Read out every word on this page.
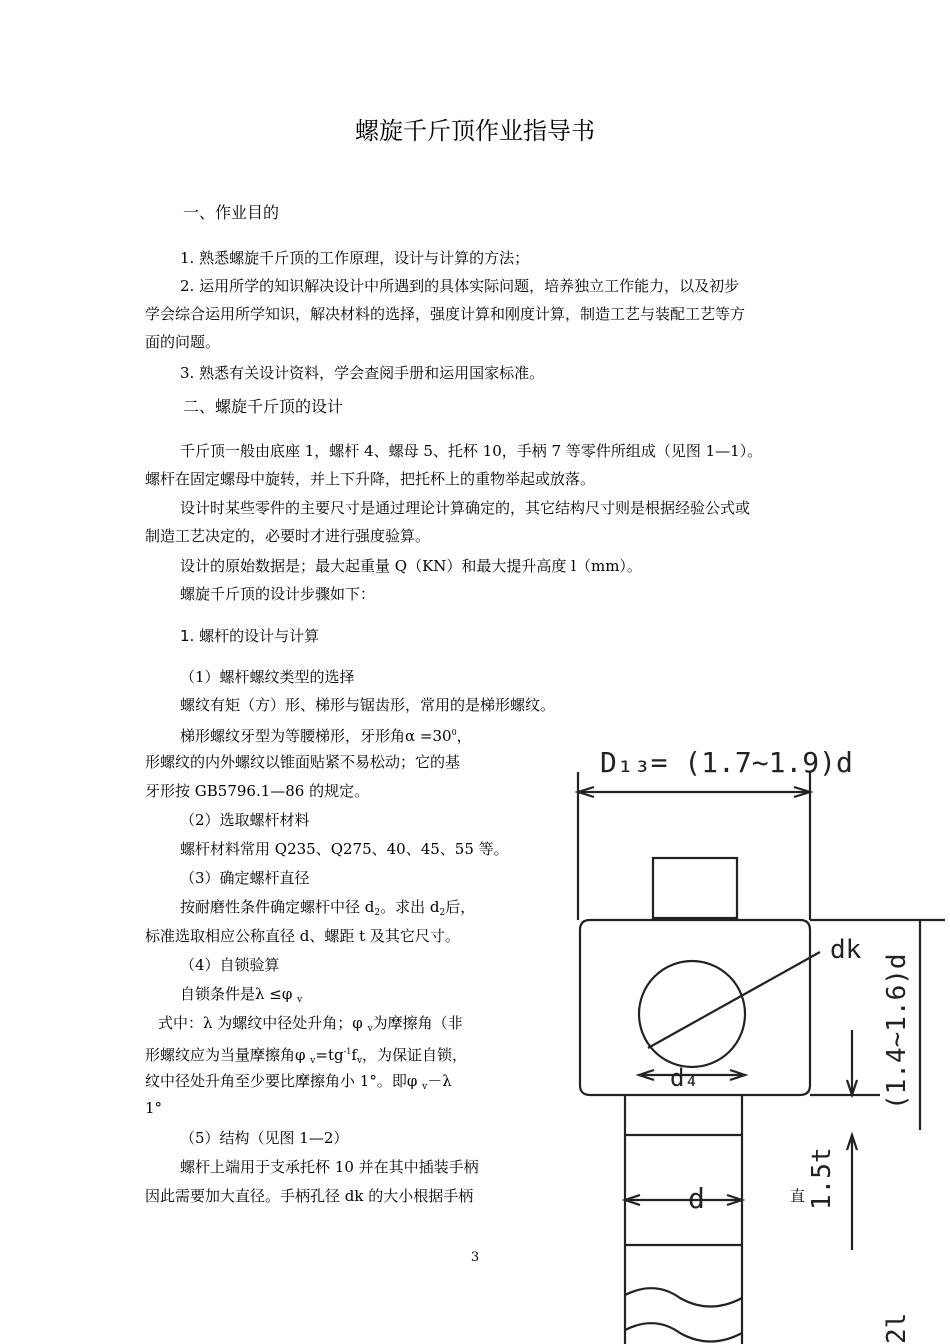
螺旋千斤顶作业指导书
一、作业目的
1. 熟悉螺旋千斤顶的工作原理，设计与计算的方法；
2. 运用所学的知识解决设计中所遇到的具体实际问题，培养独立工作能力，以及初步
学会综合运用所学知识，解决材料的选择，强度计算和刚度计算，制造工艺与装配工艺等方
面的问题。
3. 熟悉有关设计资料，学会查阅手册和运用国家标准。
二、螺旋千斤顶的设计
千斤顶一般由底座 1，螺杆 4、螺母 5、托杯 10，手柄 7 等零件所组成（见图 1—1）。
螺杆在固定螺母中旋转，并上下升降，把托杯上的重物举起或放落。
设计时某些零件的主要尺寸是通过理论计算确定的，其它结构尺寸则是根据经验公式或
制造工艺决定的，必要时才进行强度验算。
设计的原始数据是；最大起重量 Q（KN）和最大提升高度 l（mm）。
螺旋千斤顶的设计步骤如下：
1. 螺杆的设计与计算
（1）螺杆螺纹类型的选择
螺纹有矩（方）形、梯形与锯齿形，常用的是梯形螺纹。
梯形螺纹牙型为等腰梯形，牙形角$\alpha =30^0$，
形螺纹的内外螺纹以锥面贴紧不易松动；它的基
牙形按 GB5796.1—86 的规定。
（2）选取螺杆材料
螺杆材料常用 Q235、Q275、40、45、55 等。
（3）确定螺杆直径
按耐磨性条件确定螺杆中径 $d_2$。求出 $d_2$后，
标准选取相应公称直径 d、螺距 t 及其它尺寸。
（4）自锁验算
自锁条件是λ ≤φ $_v$
式中：λ 为螺纹中径处升角；φ $_v$为摩擦角（非
形螺纹应为当量摩擦角φ $_v=tg^{-1}f_v$，为保证自锁，
纹中径处升角至少要比摩擦角小 1°。即φ $_v$－λ
1°
（5）结构（见图 1—2）
螺杆上端用于支承托杯 10 并在其中插装手柄
因此需要加大直径。手柄孔径 dk 的大小根据手柄	直
D₁₃= (1.7~1.9)d
dk
d₄
d
(1.4~1.6)d
1.5t
2l
3
